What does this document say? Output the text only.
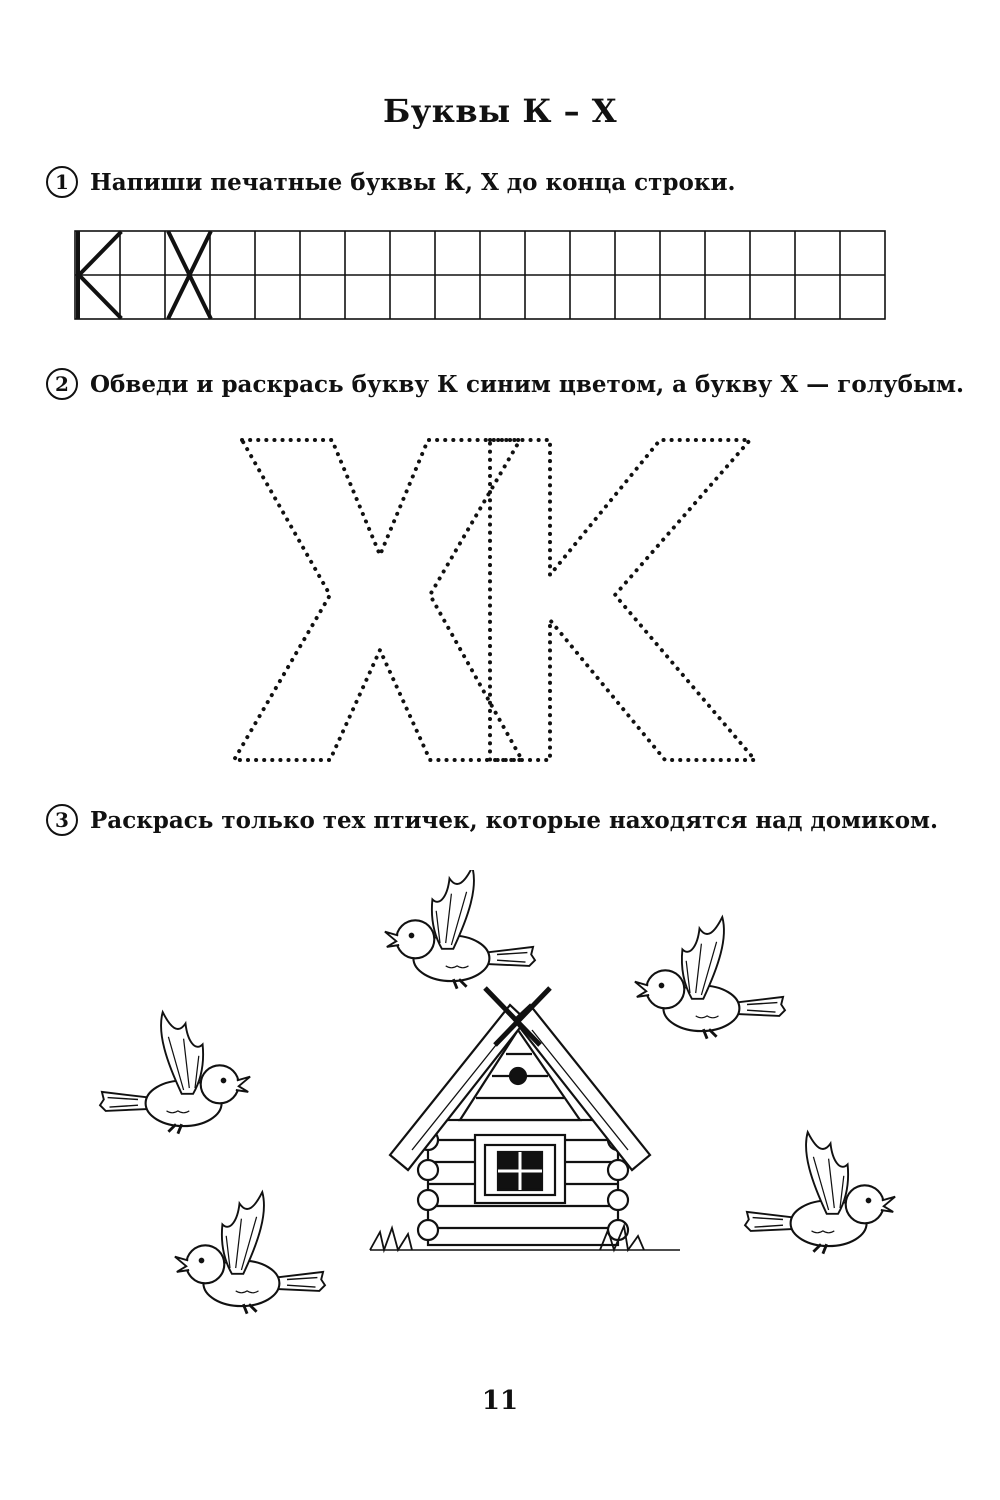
Буквы К – Х
1 Напиши печатные буквы К, Х до конца строки.
2 Обведи и раскрась букву К синим цветом, а букву Х — голубым.
3 Раскрась только тех птичек, которые находятся над домиком.
11
